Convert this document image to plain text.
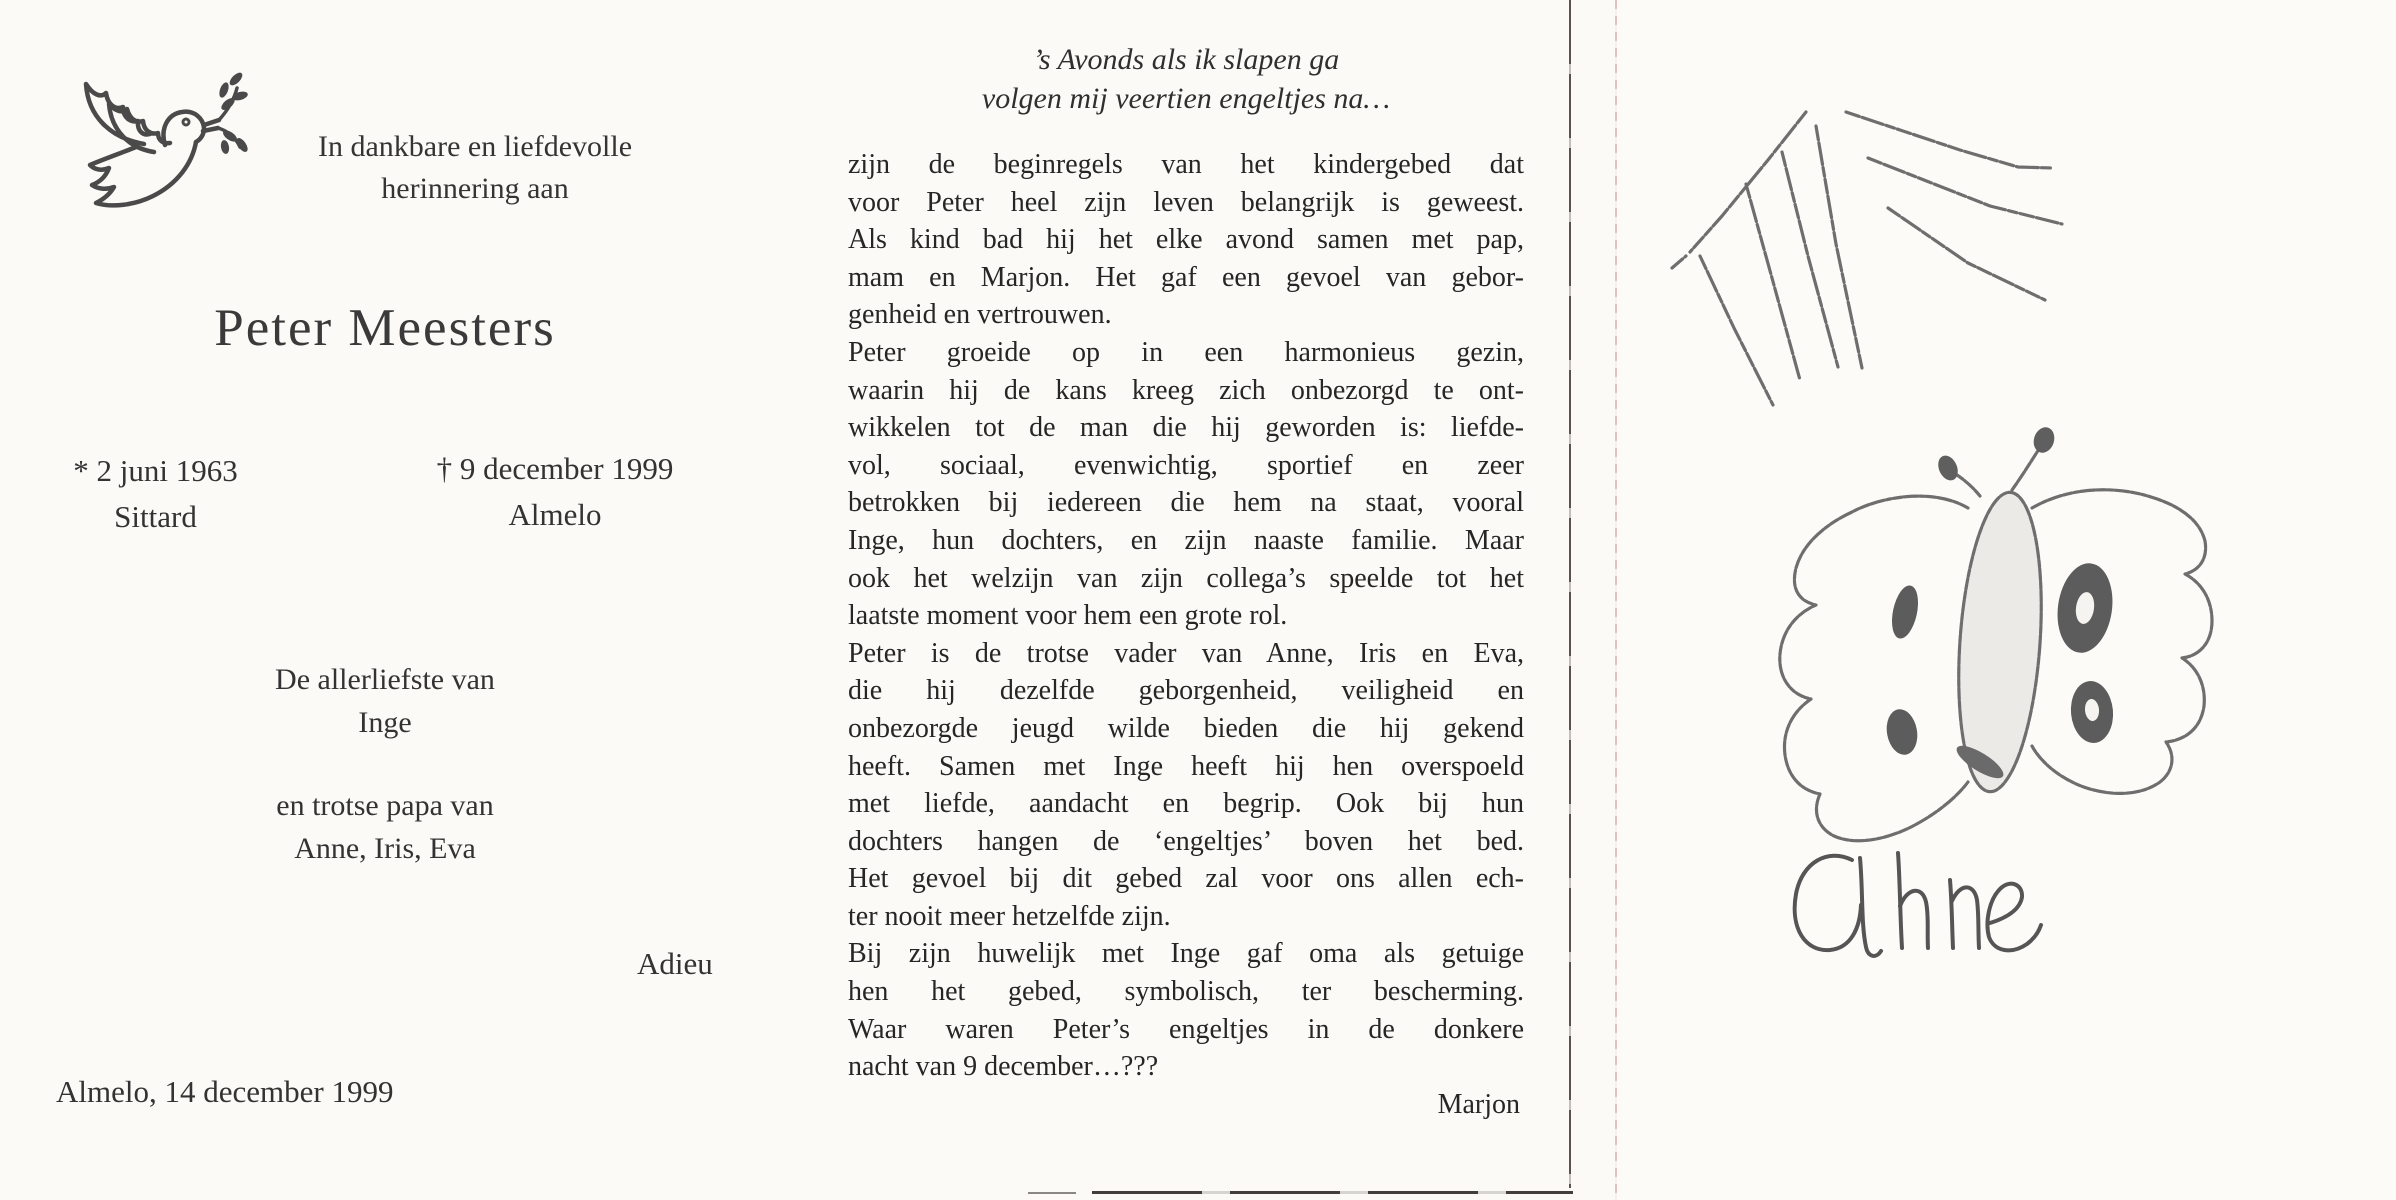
In dankbare en liefdevolle
herinnering aan
Peter Meesters
* 2 juni 1963
Sittard
† 9 december 1999
Almelo
De allerliefste van
Inge
en trotse papa van
Anne, Iris, Eva
Adieu
Almelo, 14 december 1999
’s Avonds als ik slapen ga
volgen mij veertien engeltjes na…
zijn de beginregels van het kindergebed dat
voor Peter heel zijn leven belangrijk is geweest.
Als kind bad hij het elke avond samen met pap,
mam en Marjon. Het gaf een gevoel van gebor-
genheid en vertrouwen.
Peter groeide op in een harmonieus gezin,
waarin hij de kans kreeg zich onbezorgd te ont-
wikkelen tot de man die hij geworden is: liefde-
vol, sociaal, evenwichtig, sportief en zeer
betrokken bij iedereen die hem na staat, vooral
Inge, hun dochters, en zijn naaste familie. Maar
ook het welzijn van zijn collega’s speelde tot het
laatste moment voor hem een grote rol.
Peter is de trotse vader van Anne, Iris en Eva,
die hij dezelfde geborgenheid, veiligheid en
onbezorgde jeugd wilde bieden die hij gekend
heeft. Samen met Inge heeft hij hen overspoeld
met liefde, aandacht en begrip. Ook bij hun
dochters hangen de ‘engeltjes’ boven het bed.
Het gevoel bij dit gebed zal voor ons allen ech-
ter nooit meer hetzelfde zijn.
Bij zijn huwelijk met Inge gaf oma als getuige
hen het gebed, symbolisch, ter bescherming.
Waar waren Peter’s engeltjes in de donkere
nacht van 9 december…???
Marjon
